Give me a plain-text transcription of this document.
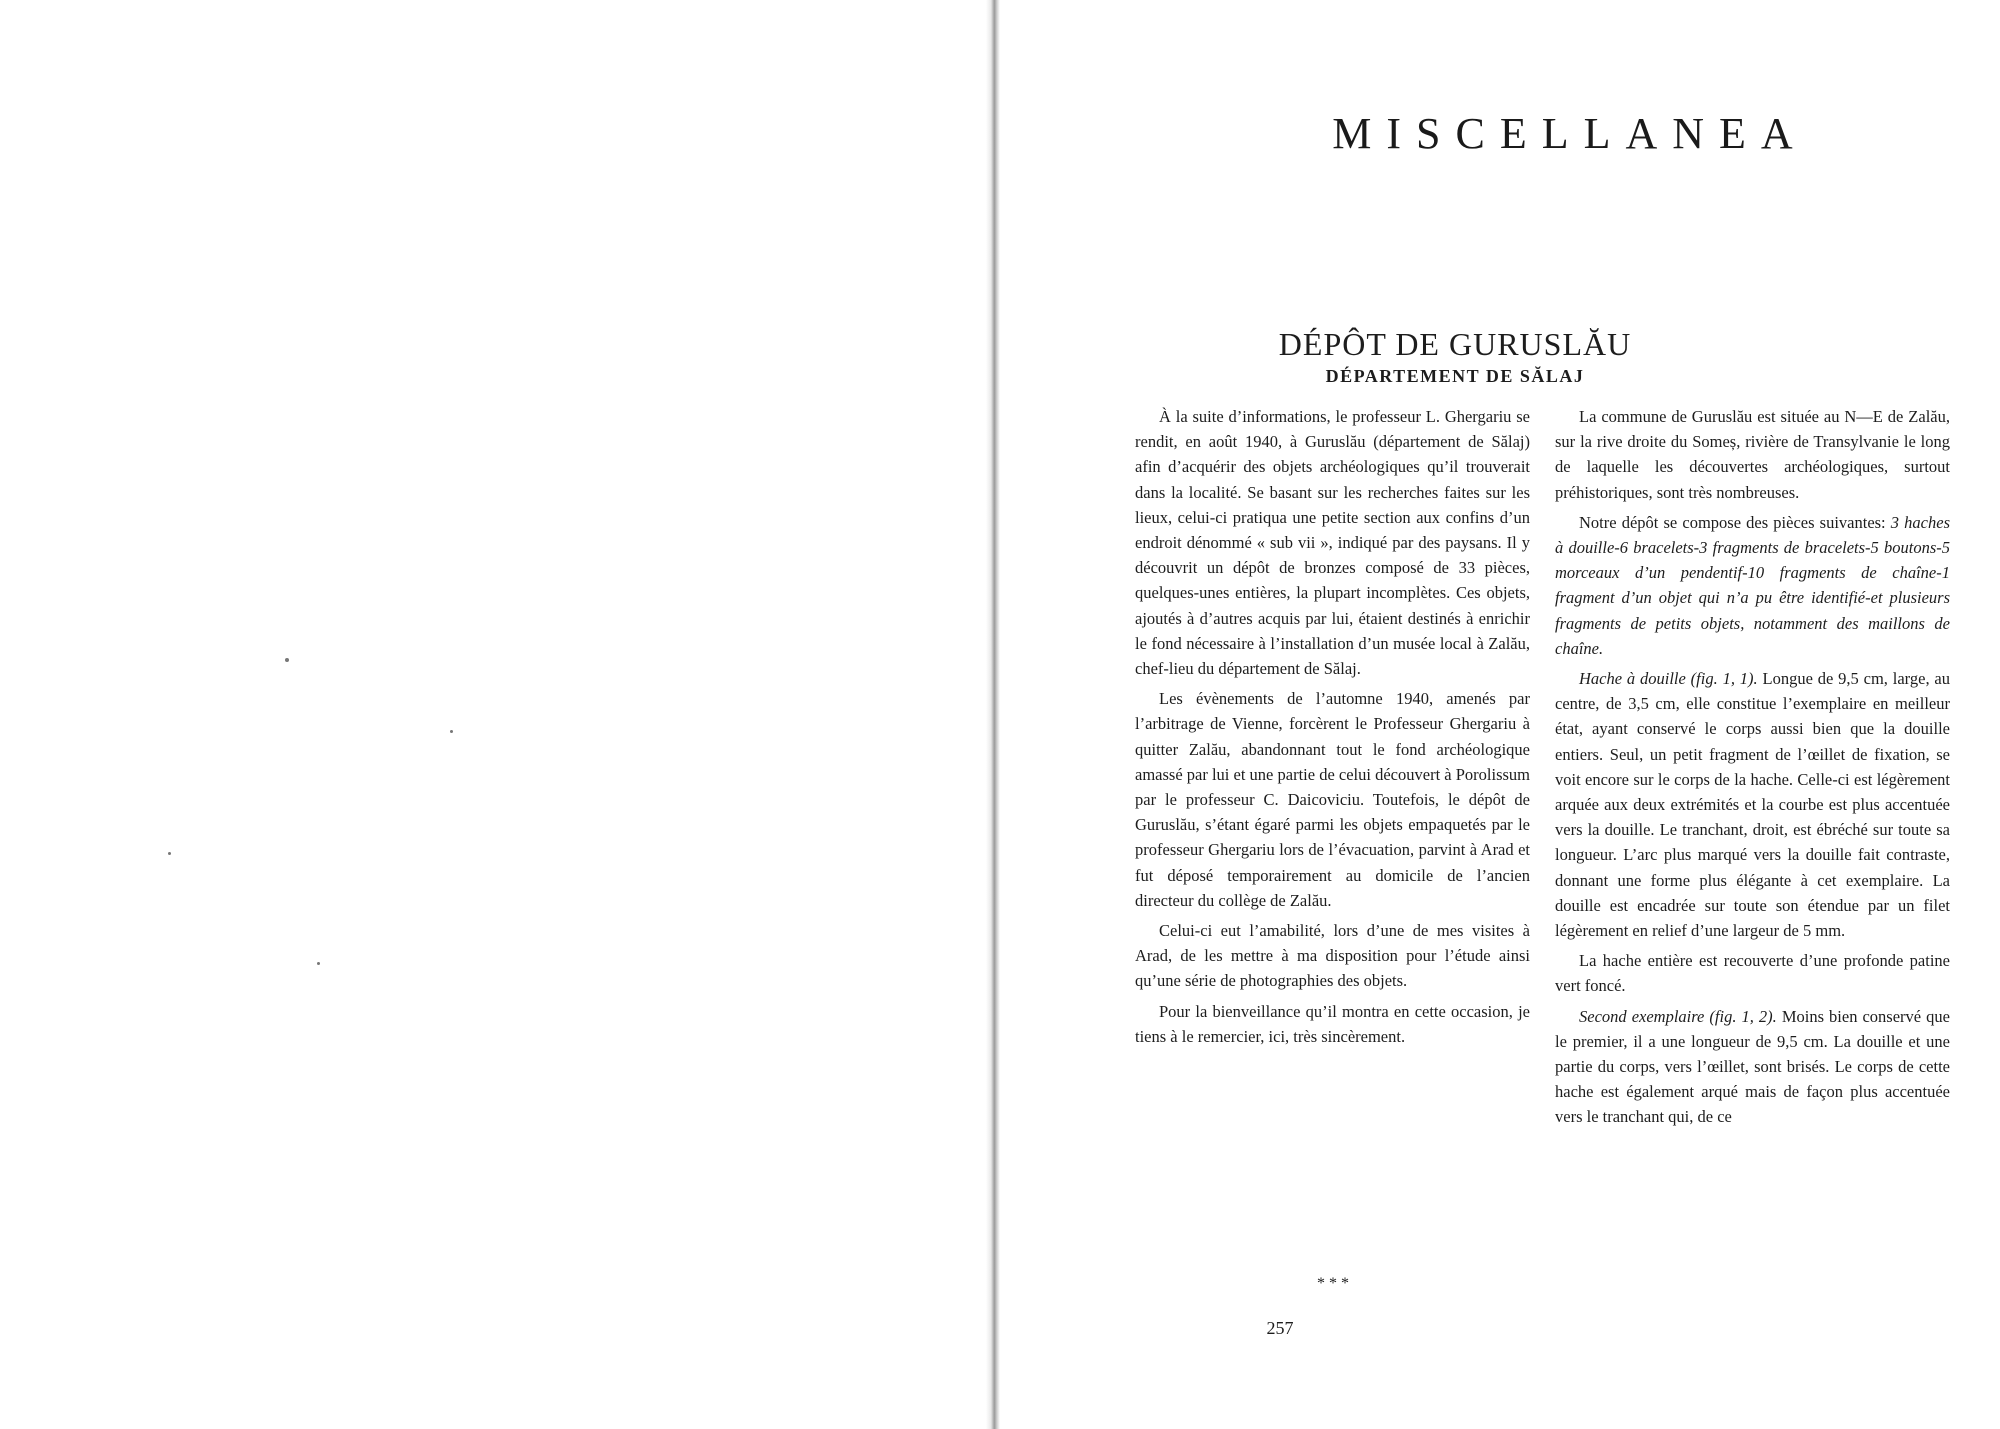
MISCELLANEA
DÉPÔT DE GURUSLĂU
DÉPARTEMENT DE SĂLAJ

À la suite d’informations, le professeur L. Ghergariu se rendit, en août 1940, à Guruslău (département de Sălaj) afin d’acquérir des objets archéologiques qu’il trouverait dans la localité. Se basant sur les recherches faites sur les lieux, celui-ci pratiqua une petite section aux confins d’un endroit dénommé « sub vii », indiqué par des paysans. Il y découvrit un dépôt de bronzes composé de 33 pièces, quelques-unes entières, la plupart incomplètes. Ces objets, ajoutés à d’autres acquis par lui, étaient destinés à enrichir le fond nécessaire à l’installation d’un musée local à Zalău, chef-lieu du département de Sălaj.

Les évènements de l’automne 1940, amenés par l’arbitrage de Vienne, forcèrent le Professeur Ghergariu à quitter Zalău, abandonnant tout le fond archéologique amassé par lui et une partie de celui découvert à Porolissum par le professeur C. Daicoviciu. Toutefois, le dépôt de Guruslău, s’étant égaré parmi les objets empaquetés par le professeur Ghergariu lors de l’évacuation, parvint à Arad et fut déposé temporairement au domicile de l’ancien directeur du collège de Zalău.

Celui-ci eut l’amabilité, lors d’une de mes visites à Arad, de les mettre à ma disposition pour l’étude ainsi qu’une série de photographies des objets.

Pour la bienveillance qu’il montra en cette occasion, je tiens à le remercier, ici, très sincèrement.

La commune de Guruslău est située au N—E de Zalău, sur la rive droite du Someș, rivière de Transylvanie le long de laquelle les découvertes archéologiques, surtout préhistoriques, sont très nombreuses.

Notre dépôt se compose des pièces suivantes: 3 haches à douille-6 bracelets-3 fragments de bracelets-5 boutons-5 morceaux d’un pendentif-10 fragments de chaîne-1 fragment d’un objet qui n’a pu être identifié-et plusieurs fragments de petits objets, notamment des maillons de chaîne.

Hache à douille (fig. 1, 1). Longue de 9,5 cm, large, au centre, de 3,5 cm, elle constitue l’exemplaire en meilleur état, ayant conservé le corps aussi bien que la douille entiers. Seul, un petit fragment de l’œillet de fixation, se voit encore sur le corps de la hache. Celle-ci est légèrement arquée aux deux extrémités et la courbe est plus accentuée vers la douille. Le tranchant, droit, est ébréché sur toute sa longueur. L’arc plus marqué vers la douille fait contraste, donnant une forme plus élégante à cet exemplaire. La douille est encadrée sur toute son étendue par un filet légèrement en relief d’une largeur de 5 mm.

La hache entière est recouverte d’une profonde patine vert foncé.

Second exemplaire (fig. 1, 2). Moins bien conservé que le premier, il a une longueur de 9,5 cm. La douille et une partie du corps, vers l’œillet, sont brisés. Le corps de cette hache est également arqué mais de façon plus accentuée vers le tranchant qui, de ce

* * *

257
